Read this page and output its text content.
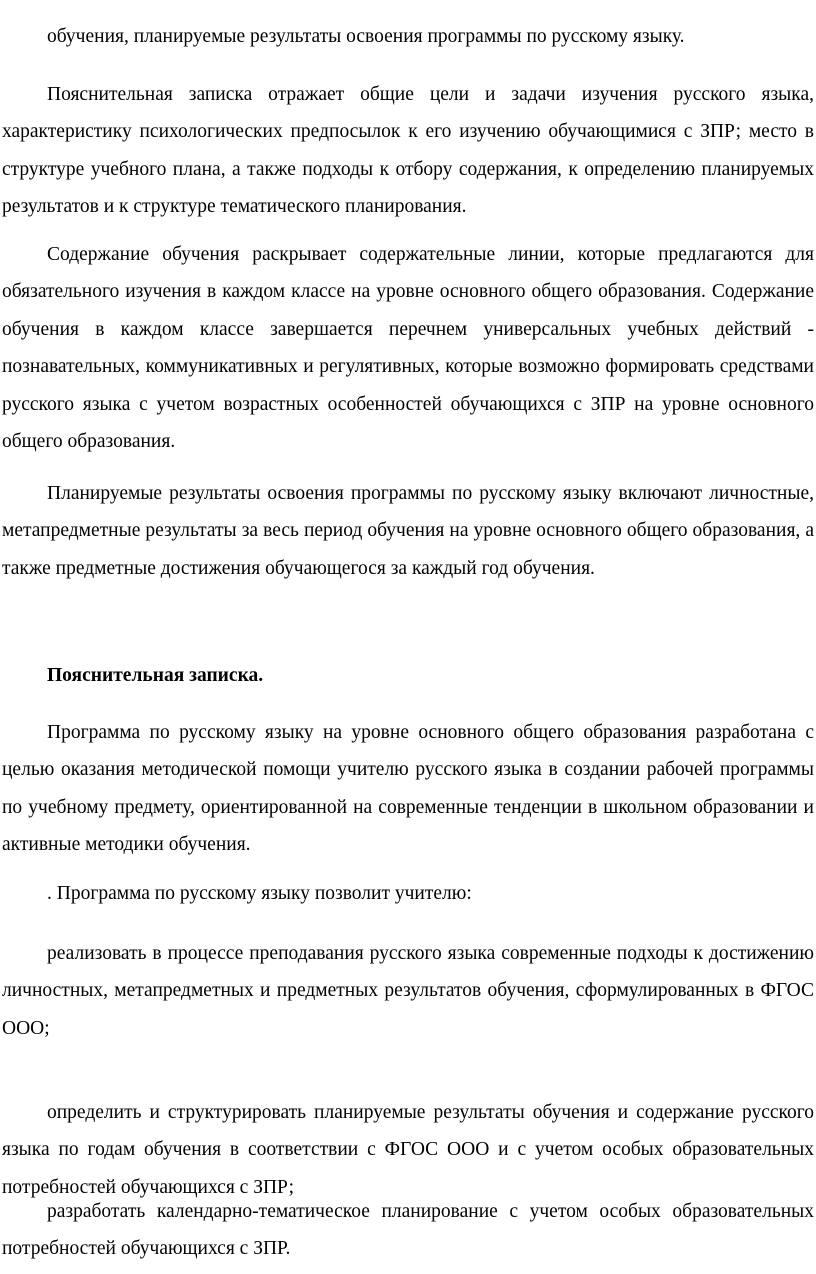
обучения, планируемые результаты освоения программы по русскому языку.

Пояснительная записка отражает общие цели и задачи изучения русского языка, характеристику психологических предпосылок к его изучению обучающимися с ЗПР; место в структуре учебного плана, а также подходы к отбору содержания, к определению планируемых результатов и к структуре тематического планирования.

Содержание обучения раскрывает содержательные линии, которые предлагаются для обязательного изучения в каждом классе на уровне основного общего образования. Содержание обучения в каждом классе завершается перечнем универсальных учебных действий - познавательных, коммуникативных и регулятивных, которые возможно формировать средствами русского языка с учетом возрастных особенностей обучающихся с ЗПР на уровне основного общего образования.

Планируемые результаты освоения программы по русскому языку включают личностные, метапредметные результаты за весь период обучения на уровне основного общего образования, а также предметные достижения обучающегося за каждый год обучения.

Пояснительная записка.

Программа по русскому языку на уровне основного общего образования разработана с целью оказания методической помощи учителю русского языка в создании рабочей программы по учебному предмету, ориентированной на современные тенденции в школьном образовании и активные методики обучения.

. Программа по русскому языку позволит учителю:

реализовать в процессе преподавания русского языка современные подходы к достижению личностных, метапредметных и предметных результатов обучения, сформулированных в ФГОС ООО;

определить и структурировать планируемые результаты обучения и содержание русского языка по годам обучения в соответствии с ФГОС ООО и с учетом особых образовательных потребностей обучающихся с ЗПР;

разработать календарно-тематическое планирование с учетом особых образовательных потребностей обучающихся с ЗПР.
